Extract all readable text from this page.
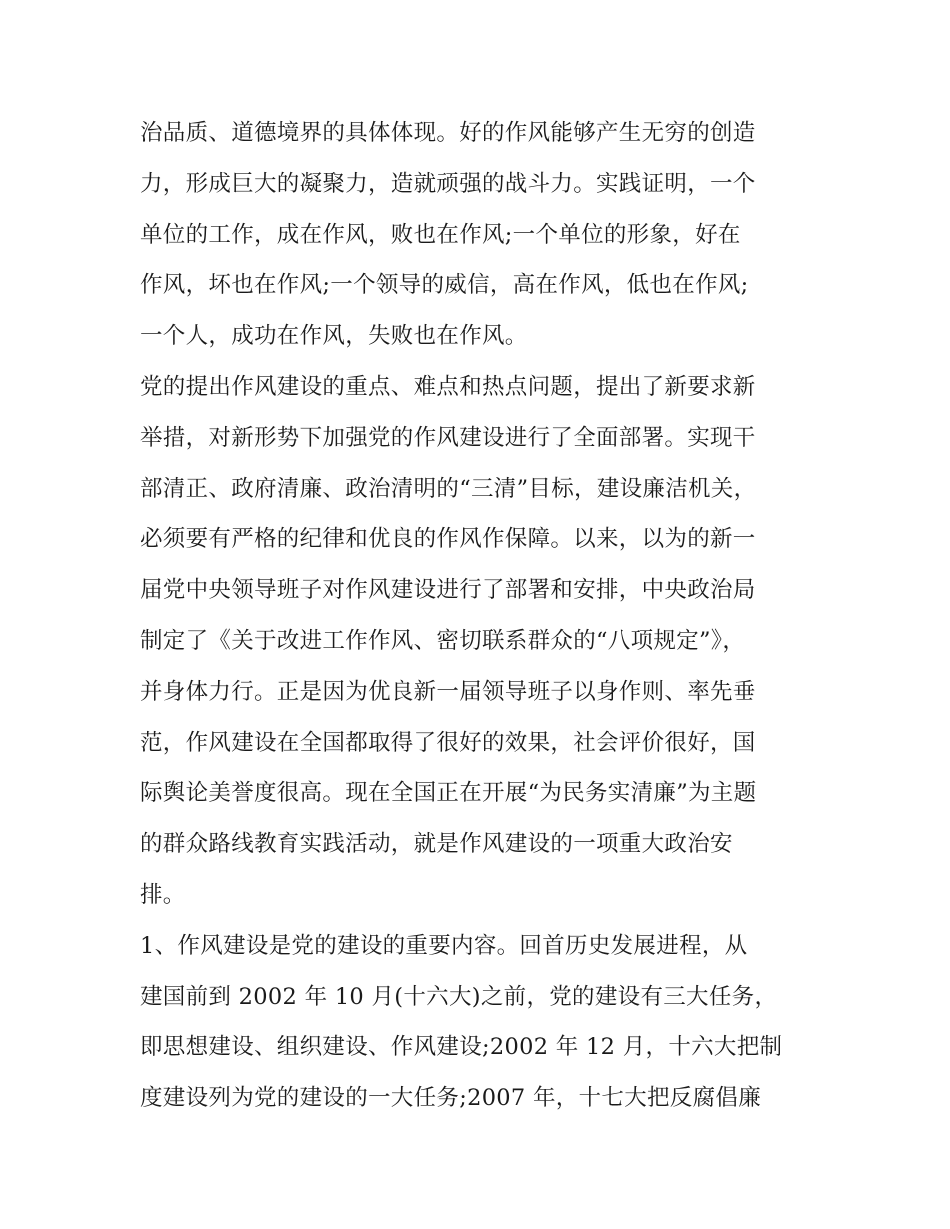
治品质、道德境界的具体体现。好的作风能够产生无穷的创造
力，形成巨大的凝聚力，造就顽强的战斗力。实践证明，一个
单位的工作，成在作风，败也在作风;一个单位的形象，好在
作风，坏也在作风;一个领导的威信，高在作风，低也在作风;
一个人，成功在作风，失败也在作风。
党的提出作风建设的重点、难点和热点问题，提出了新要求新
举措，对新形势下加强党的作风建设进行了全面部署。实现干
部清正、政府清廉、政治清明的“三清”目标，建设廉洁机关，
必须要有严格的纪律和优良的作风作保障。以来，以为的新一
届党中央领导班子对作风建设进行了部署和安排，中央政治局
制定了《关于改进工作作风、密切联系群众的“八项规定”》，
并身体力行。正是因为优良新一届领导班子以身作则、率先垂
范，作风建设在全国都取得了很好的效果，社会评价很好，国
际舆论美誉度很高。现在全国正在开展“为民务实清廉”为主题
的群众路线教育实践活动，就是作风建设的一项重大政治安
排。
1、作风建设是党的建设的重要内容。回首历史发展进程，从
建国前到 2002 年 10 月(十六大)之前，党的建设有三大任务，
即思想建设、组织建设、作风建设;2002 年 12 月，十六大把制
度建设列为党的建设的一大任务;2007 年，十七大把反腐倡廉
